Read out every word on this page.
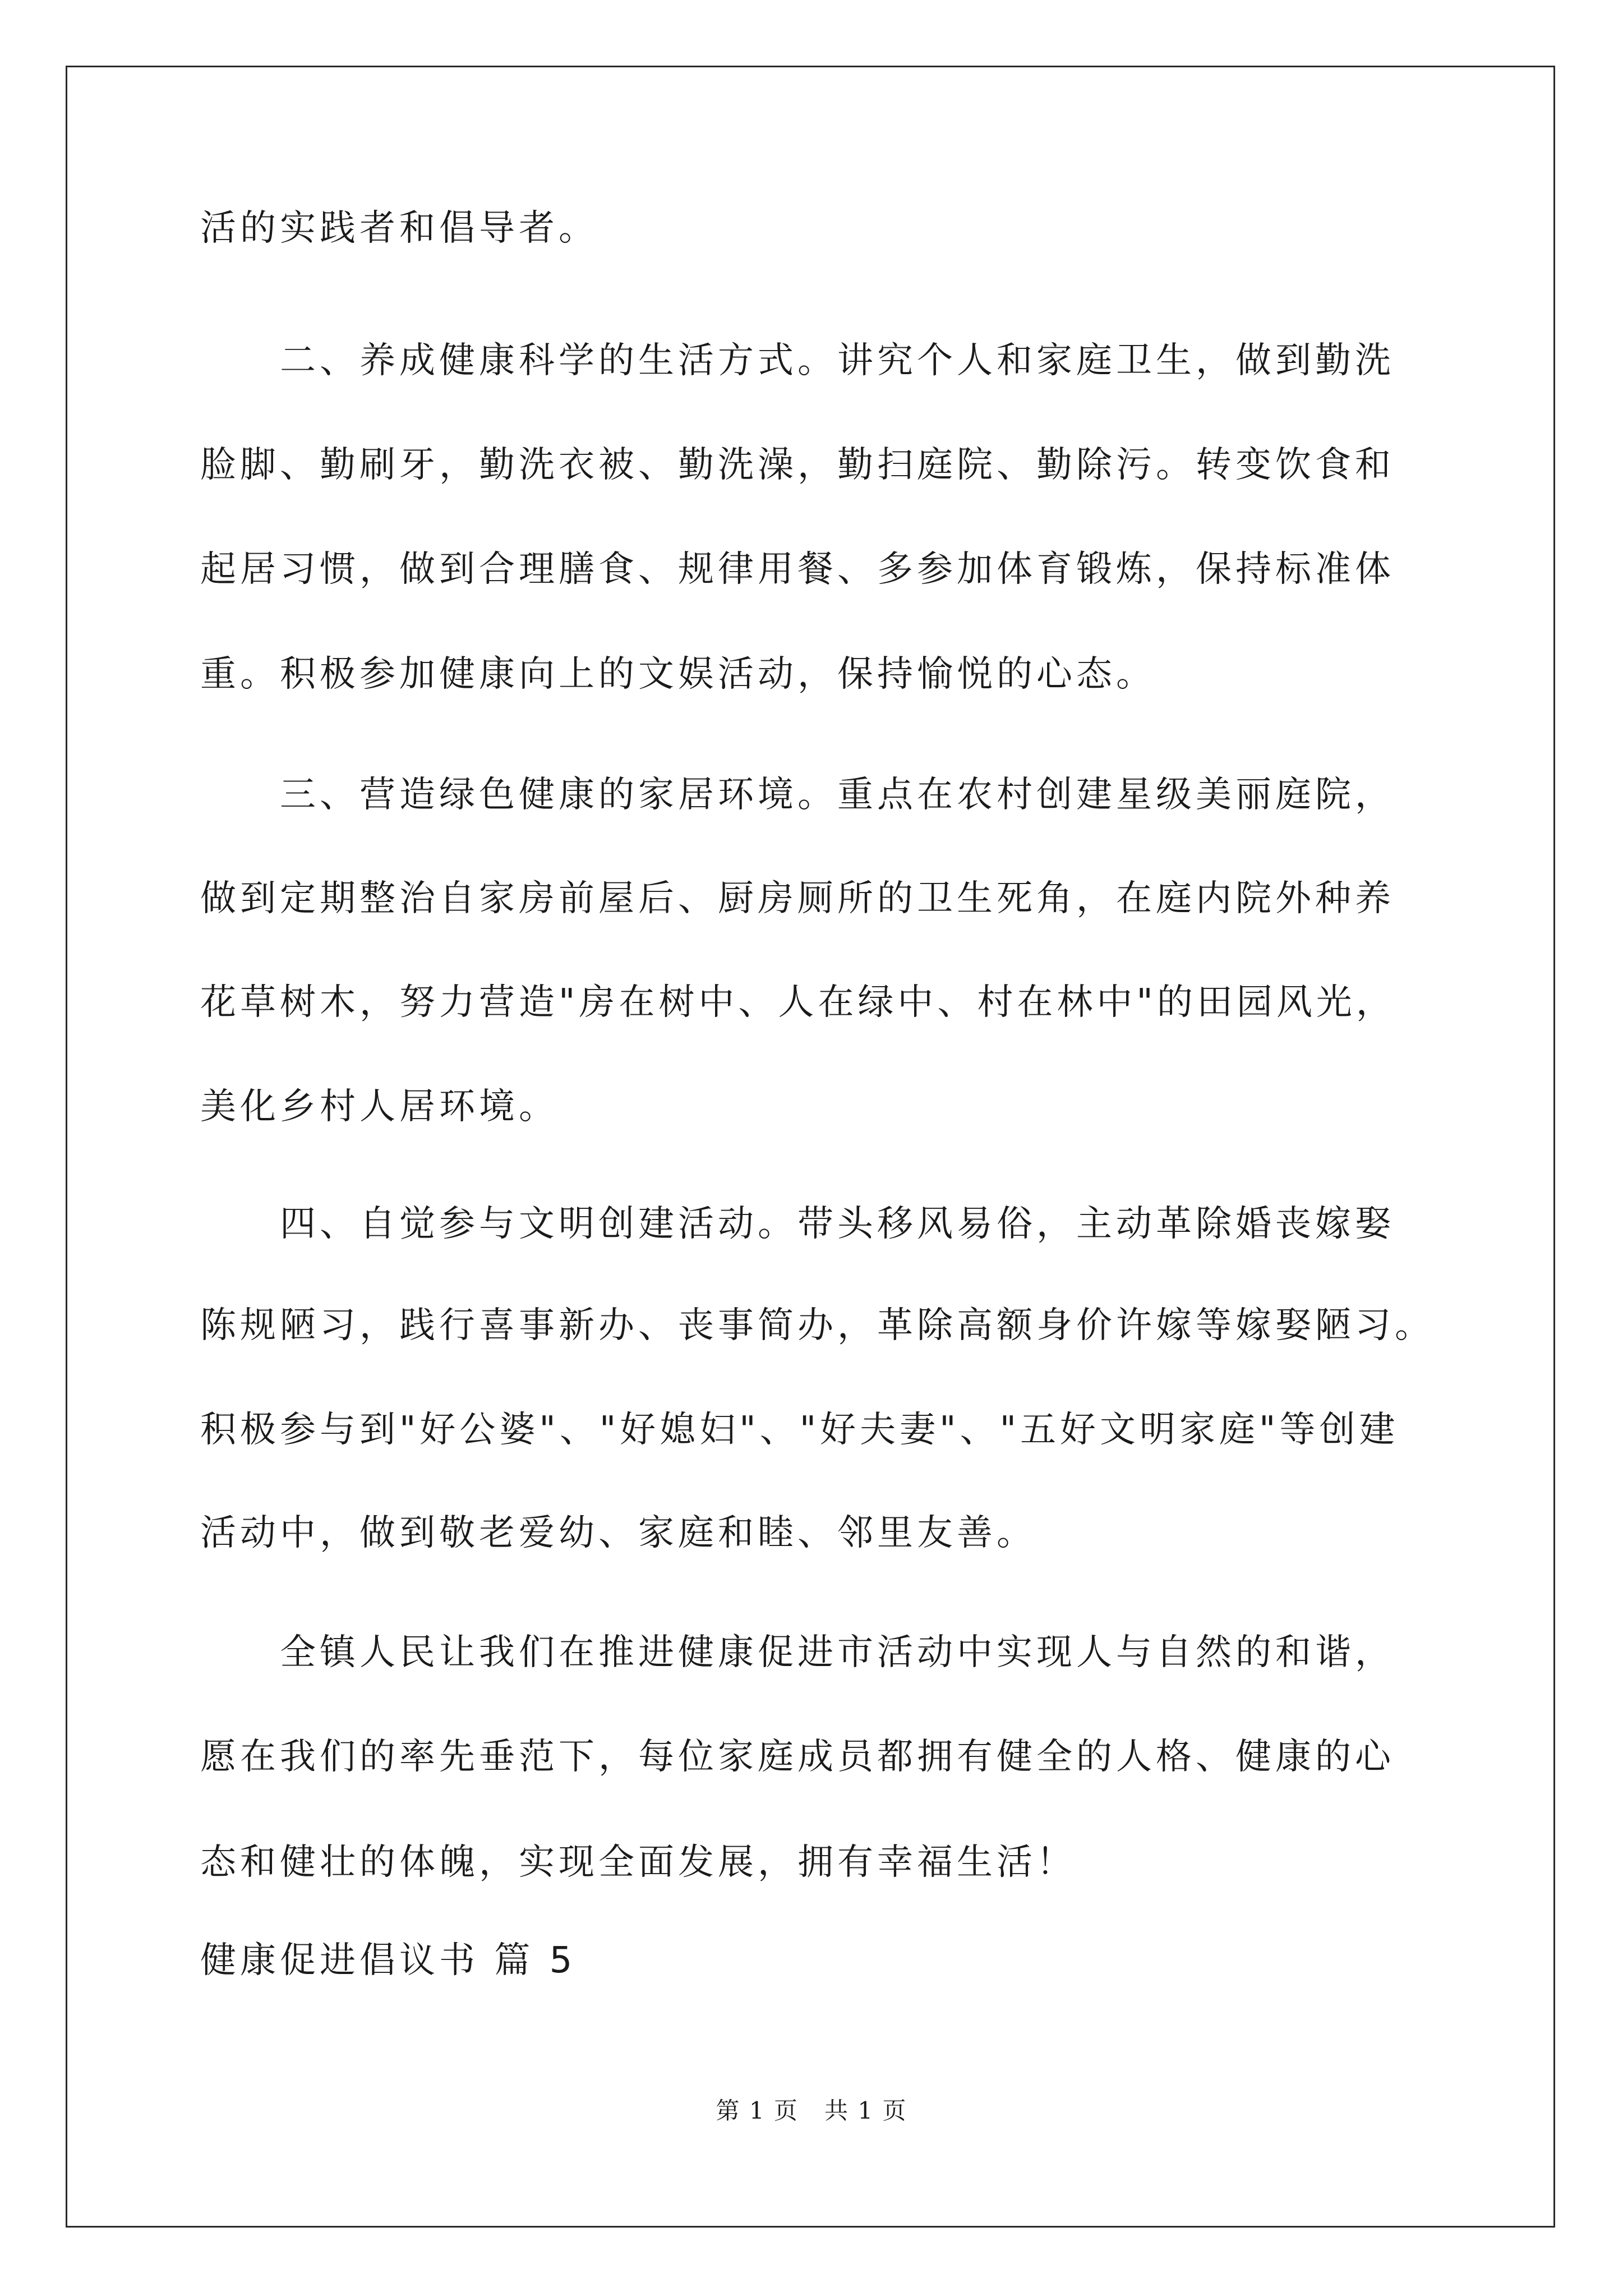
活的实践者和倡导者。
　　二、养成健康科学的生活方式。讲究个人和家庭卫生，做到勤洗
脸脚、勤刷牙，勤洗衣被、勤洗澡，勤扫庭院、勤除污。转变饮食和
起居习惯，做到合理膳食、规律用餐、多参加体育锻炼，保持标准体
重。积极参加健康向上的文娱活动，保持愉悦的心态。
　　三、营造绿色健康的家居环境。重点在农村创建星级美丽庭院，
做到定期整治自家房前屋后、厨房厕所的卫生死角，在庭内院外种养
花草树木，努力营造"房在树中、人在绿中、村在林中"的田园风光，
美化乡村人居环境。
　　四、自觉参与文明创建活动。带头移风易俗，主动革除婚丧嫁娶
陈规陋习，践行喜事新办、丧事简办，革除高额身价许嫁等嫁娶陋习。
积极参与到"好公婆"、"好媳妇"、"好夫妻"、"五好文明家庭"等创建
活动中，做到敬老爱幼、家庭和睦、邻里友善。
　　全镇人民让我们在推进健康促进市活动中实现人与自然的和谐，
愿在我们的率先垂范下，每位家庭成员都拥有健全的人格、健康的心
态和健壮的体魄，实现全面发展，拥有幸福生活！
健康促进倡议书 篇 5
第 1 页   共 1 页
